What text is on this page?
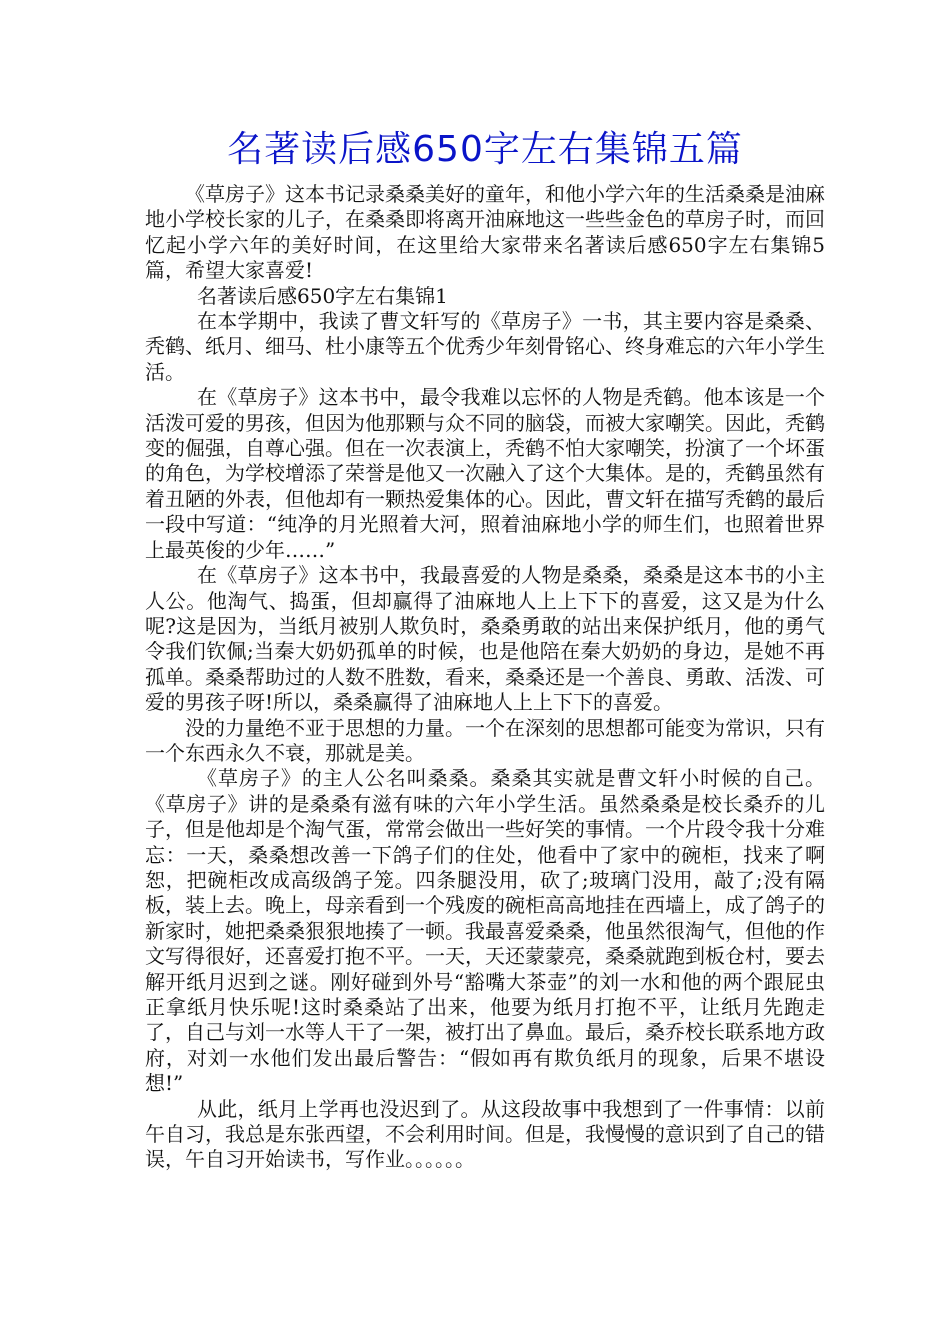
名著读后感650字左右集锦五篇

《草房子》这本书记录桑桑美好的童年，和他小学六年的生活桑桑是油麻地小学校长家的儿子，在桑桑即将离开油麻地这一些些金色的草房子时，而回忆起小学六年的美好时间，在这里给大家带来名著读后感650字左右集锦5篇，希望大家喜爱!

名著读后感650字左右集锦1

在本学期中，我读了曹文轩写的《草房子》一书，其主要内容是桑桑、秃鹤、纸月、细马、杜小康等五个优秀少年刻骨铭心、终身难忘的六年小学生活。

在《草房子》这本书中，最令我难以忘怀的人物是秃鹤。他本该是一个活泼可爱的男孩，但因为他那颗与众不同的脑袋，而被大家嘲笑。因此，秃鹤变的倔强，自尊心强。但在一次表演上，秃鹤不怕大家嘲笑，扮演了一个坏蛋的角色，为学校增添了荣誉是他又一次融入了这个大集体。是的，秃鹤虽然有着丑陋的外表，但他却有一颗热爱集体的心。因此，曹文轩在描写秃鹤的最后一段中写道：“纯净的月光照着大河，照着油麻地小学的师生们，也照着世界上最英俊的少年……”

在《草房子》这本书中，我最喜爱的人物是桑桑，桑桑是这本书的小主人公。他淘气、捣蛋，但却赢得了油麻地人上上下下的喜爱，这又是为什么呢?这是因为，当纸月被别人欺负时，桑桑勇敢的站出来保护纸月，他的勇气令我们钦佩;当秦大奶奶孤单的时候，也是他陪在秦大奶奶的身边，是她不再孤单。桑桑帮助过的人数不胜数，看来，桑桑还是一个善良、勇敢、活泼、可爱的男孩子呀!所以，桑桑赢得了油麻地人上上下下的喜爱。

没的力量绝不亚于思想的力量。一个在深刻的思想都可能变为常识，只有一个东西永久不衰，那就是美。

《草房子》的主人公名叫桑桑。桑桑其实就是曹文轩小时候的自己。《草房子》讲的是桑桑有滋有味的六年小学生活。虽然桑桑是校长桑乔的儿子，但是他却是个淘气蛋，常常会做出一些好笑的事情。一个片段令我十分难忘：一天，桑桑想改善一下鸽子们的住处，他看中了家中的碗柜，找来了啊恕，把碗柜改成高级鸽子笼。四条腿没用，砍了;玻璃门没用，敲了;没有隔板，装上去。晚上，母亲看到一个残废的碗柜高高地挂在西墙上，成了鸽子的新家时，她把桑桑狠狠地揍了一顿。我最喜爱桑桑，他虽然很淘气，但他的作文写得很好，还喜爱打抱不平。一天，天还蒙蒙亮，桑桑就跑到板仓村，要去解开纸月迟到之谜。刚好碰到外号“豁嘴大茶壶”的刘一水和他的两个跟屁虫正拿纸月快乐呢!这时桑桑站了出来，他要为纸月打抱不平，让纸月先跑走了，自己与刘一水等人干了一架，被打出了鼻血。最后，桑乔校长联系地方政府，对刘一水他们发出最后警告：“假如再有欺负纸月的现象，后果不堪设想!”

从此，纸月上学再也没迟到了。从这段故事中我想到了一件事情：以前午自习，我总是东张西望，不会利用时间。但是，我慢慢的意识到了自己的错误，午自习开始读书，写作业。。。。。。
